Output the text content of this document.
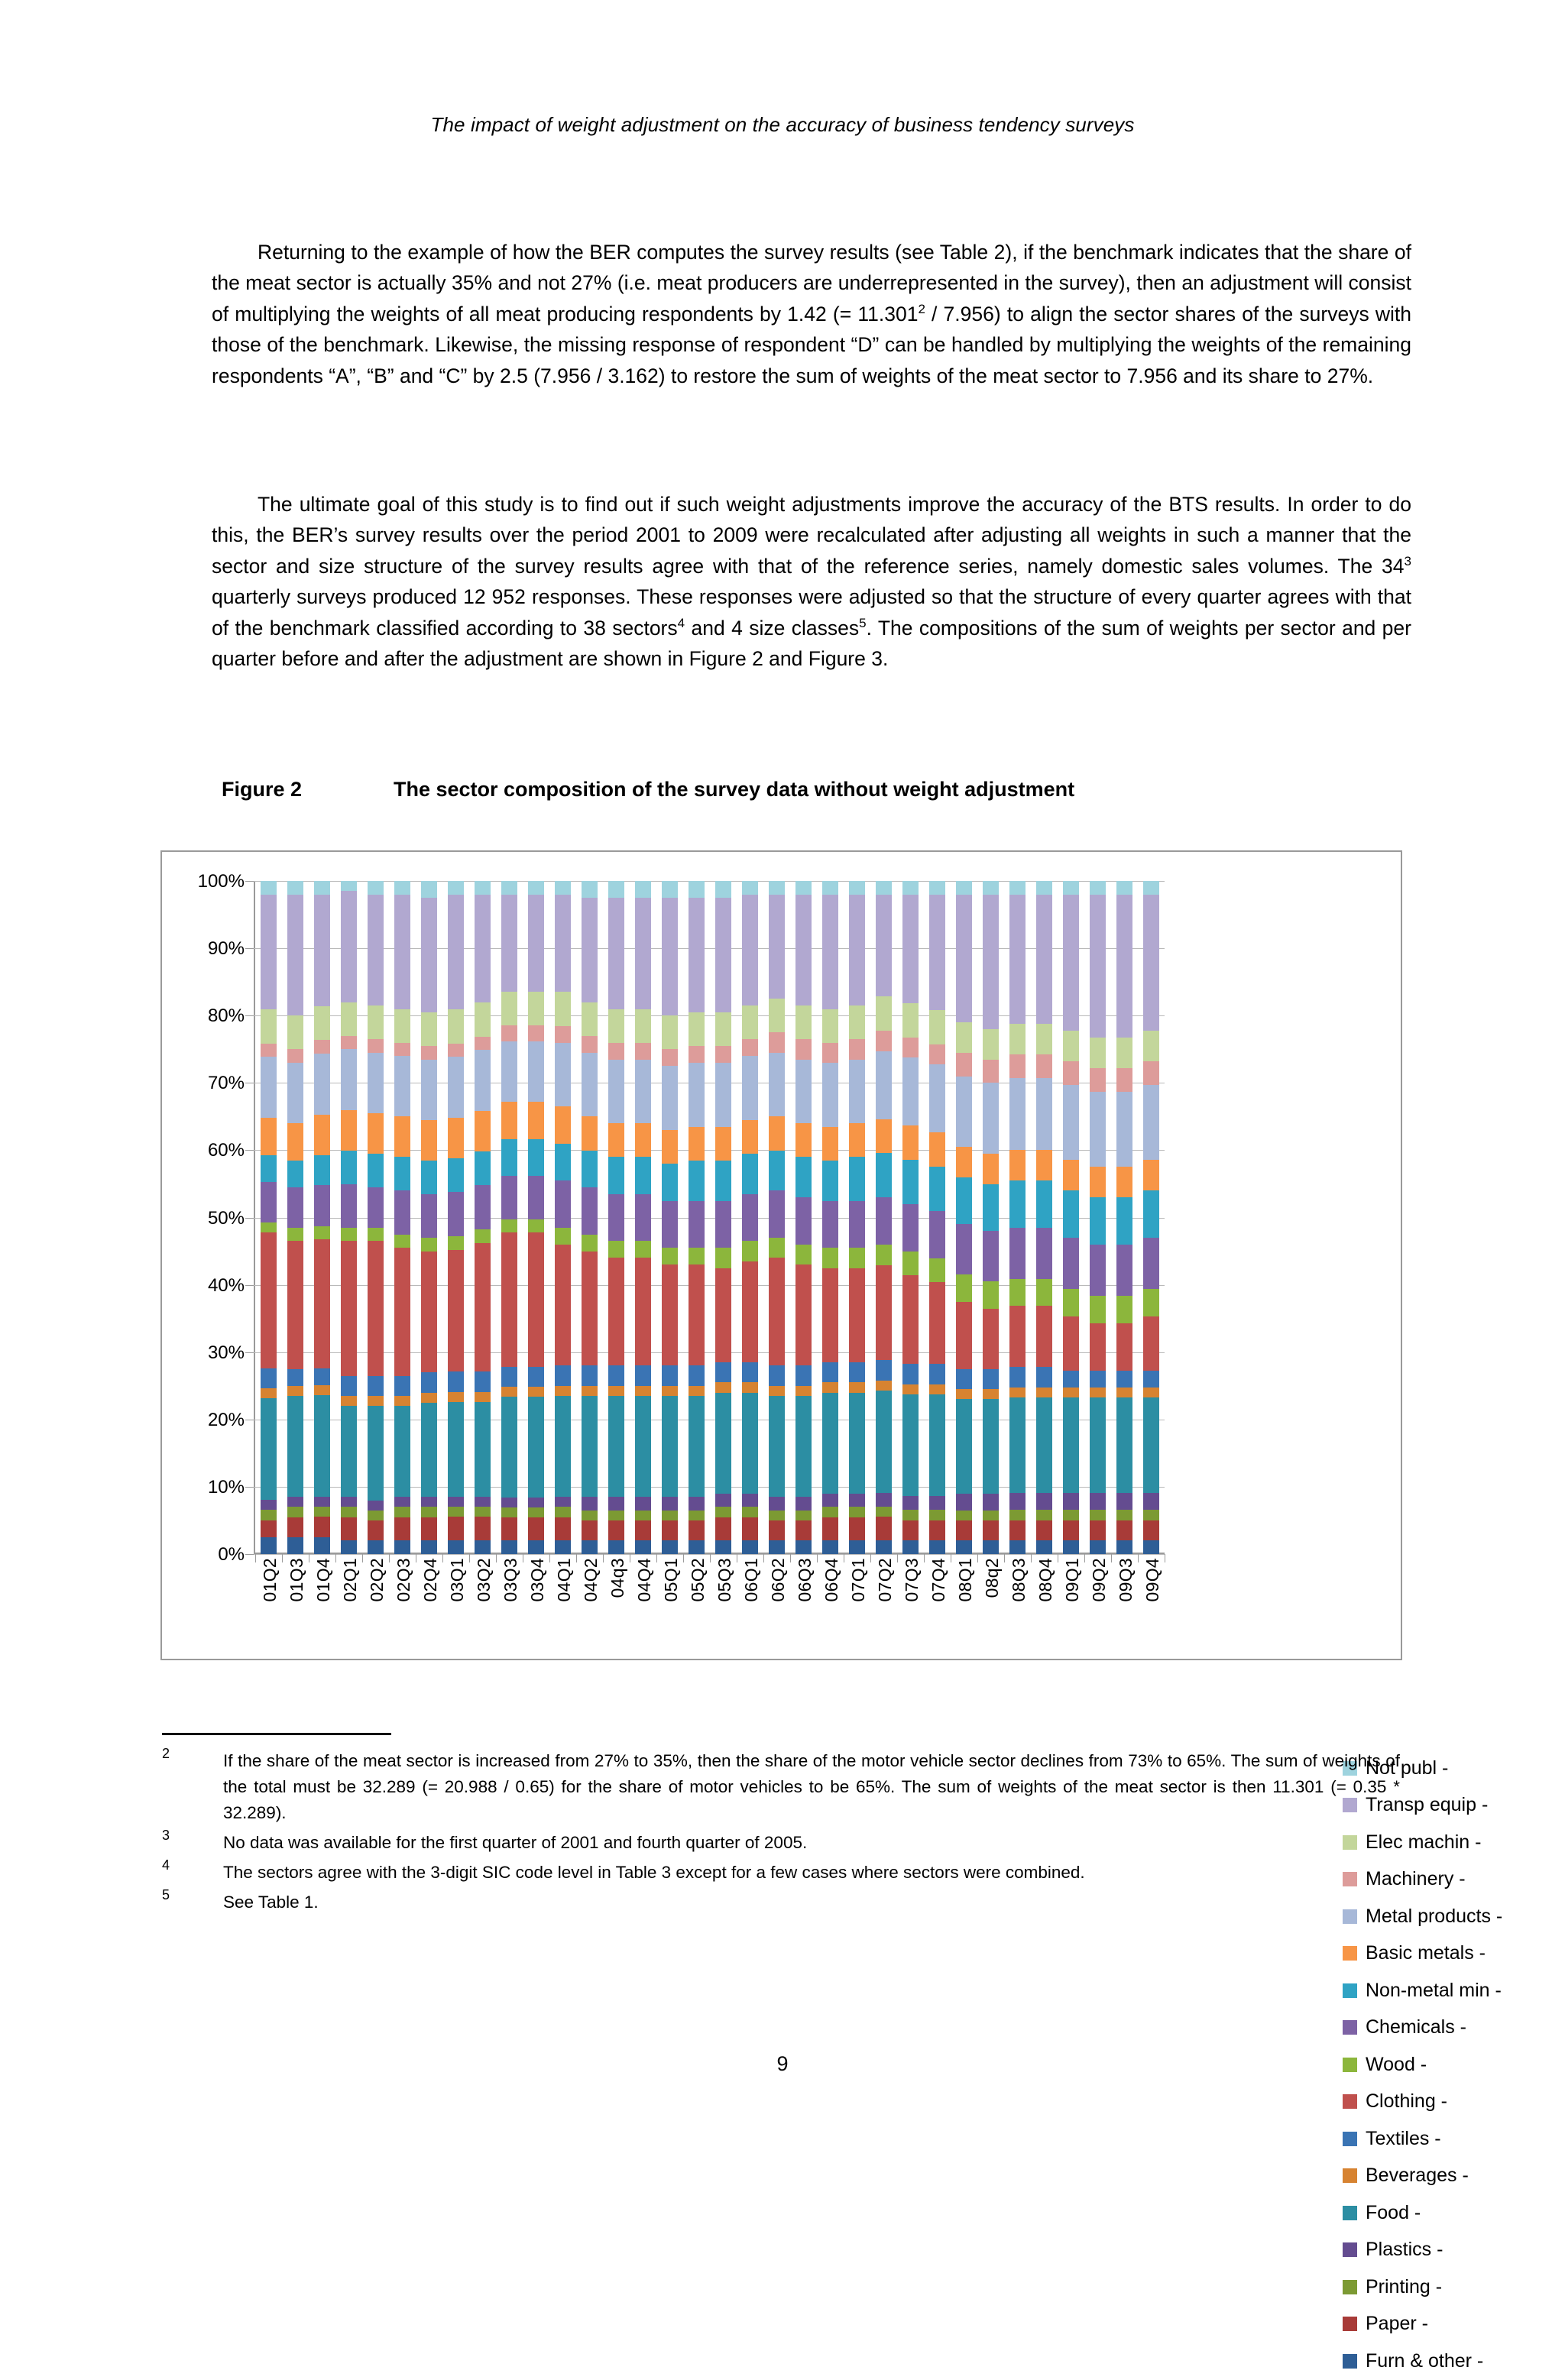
The impact of weight adjustment on the accuracy of business tendency surveys
Returning to the example of how the BER computes the survey results (see Table 2), if the benchmark indicates that the share of the meat sector is actually 35% and not 27% (i.e. meat producers are underrepresented in the survey), then an adjustment will consist of multiplying the weights of all meat producing respondents by 1.42 (= $11.301^2 / 7.956$) to align the sector shares of the surveys with those of the benchmark. Likewise, the missing response of respondent “D” can be handled by multiplying the weights of the remaining respondents “A”, “B” and “C” by 2.5 (7.956 / 3.162) to restore the sum of weights of the meat sector to 7.956 and its share to 27%.
The ultimate goal of this study is to find out if such weight adjustments improve the accuracy of the BTS results. In order to do this, the BER’s survey results over the period 2001 to 2009 were recalculated after adjusting all weights in such a manner that the sector and size structure of the survey results agree with that of the reference series, namely domestic sales volumes. The $34^3$ quarterly surveys produced 12 952 responses. These responses were adjusted so that the structure of every quarter agrees with that of the benchmark classified according to 38 sectors$^4$ and 4 size classes$^5$. The compositions of the sum of weights per sector and per quarter before and after the adjustment are shown in Figure 2 and Figure 3.
Figure 2	The sector composition of the survey data without weight adjustment
0%
10%
20%
30%
40%
50%
60%
70%
80%
90%
100%
01Q2 01Q3 01Q4 02Q1 02Q2 02Q3 02Q4 03Q1 03Q2 03Q3 03Q4 04Q1 04Q2 04q3 04Q4 05Q1 05Q2 05Q3 06Q1 06Q2 06Q3 06Q4 07Q1 07Q2 07Q3 07Q4 08Q1 08q2 08Q3 08Q4 09Q1 09Q2 09Q3 09Q4
Not publ -
Transp equip -
Elec machin -
Machinery -
Metal products -
Basic metals -
Non-metal min -
Chemicals -
Wood -
Clothing -
Textiles -
Beverages -
Food -
Plastics -
Printing -
Paper -
Furn & other -
2	If the share of the meat sector is increased from 27% to 35%, then the share of the motor vehicle sector declines from 73% to 65%. The sum of weights of the total must be 32.289 (= 20.988 / 0.65) for the share of motor vehicles to be 65%. The sum of weights of the meat sector is then 11.301 (= 0.35 * 32.289).
3	No data was available for the first quarter of 2001 and fourth quarter of 2005.
4	The sectors agree with the 3-digit SIC code level in Table 3 except for a few cases where sectors were combined.
5	See Table 1.
9
